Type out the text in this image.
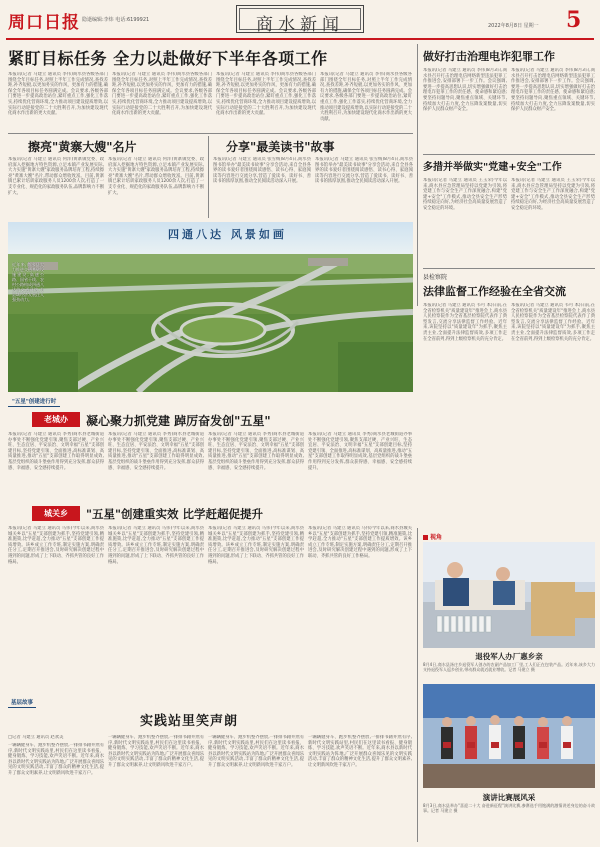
周口日报 隐逝编辑:李炜 电话:6199921	商水新闻	2022年8月8日 星期一 5
紧盯目标任务 全力以赴做好下半年各项工作
本报讯(记者 马建立 通讯员 李伟)商水县各级各部门围绕全年目标任务,对照上半年工作完成情况,查找差距,补齐短板,以更加务实的作风、更加有力的措施,确保全年各项目标任务圆满完成。会议要求,各级各部门要进一步提高政治站位,紧盯重点工作,强化工作落实,持续优化营商环境,全力推动项目建设提质增效,以实际行动迎接党的二十大胜利召开,为加快建设现代化商水作出新的更大贡献。
本报讯(记者 马建立 通讯员 李伟)商水县各级各部门围绕全年目标任务,对照上半年工作完成情况,查找差距,补齐短板,以更加务实的作风、更加有力的措施,确保全年各项目标任务圆满完成。会议要求,各级各部门要进一步提高政治站位,紧盯重点工作,强化工作落实,持续优化营商环境,全力推动项目建设提质增效,以实际行动迎接党的二十大胜利召开,为加快建设现代化商水作出新的更大贡献。
本报讯(记者 马建立 通讯员 李伟)商水县各级各部门围绕全年目标任务,对照上半年工作完成情况,查找差距,补齐短板,以更加务实的作风、更加有力的措施,确保全年各项目标任务圆满完成。会议要求,各级各部门要进一步提高政治站位,紧盯重点工作,强化工作落实,持续优化营商环境,全力推动项目建设提质增效,以实际行动迎接党的二十大胜利召开,为加快建设现代化商水作出新的更大贡献。
本报讯(记者 马建立 通讯员 李伟)商水县各级各部门围绕全年目标任务,对照上半年工作完成情况,查找差距,补齐短板,以更加务实的作风、更加有力的措施,确保全年各项目标任务圆满完成。会议要求,各级各部门要进一步提高政治站位,紧盯重点工作,强化工作落实,持续优化营商环境,全力推动项目建设提质增效,以实际行动迎接党的二十大胜利召开,为加快建设现代化商水作出新的更大贡献。
做好打击治理电诈犯罪工作
本报讯(记者 马建立 通讯员 李伟)8月3日,商水县召开打击治理电信网络新型违法犯罪工作推进会,安排部署下一步工作。会议强调,要进一步提高思想认识,切实增强做好打击治理电诈犯罪工作的责任感、使命感和紧迫感;要坚持问题导向,聚焦重点领域、关键环节,持续加大打击力度,全力压降发案数量,切实保护人民群众财产安全。
本报讯(记者 马建立 通讯员 李伟)8月3日,商水县召开打击治理电信网络新型违法犯罪工作推进会,安排部署下一步工作。会议强调,要进一步提高思想认识,切实增强做好打击治理电诈犯罪工作的责任感、使命感和紧迫感;要坚持问题导向,聚焦重点领域、关键环节,持续加大打击力度,全力压降发案数量,切实保护人民群众财产安全。
擦亮"黄寨大嫂"名片
本报讯(记者 马建立 通讯员 何洋)黄寨镇党委、政府深入挖掘地方特色资源,立足本镇产业发展实际,大力实施"黄寨大嫂"家政服务品牌培育工程,持续擦亮"黄寨大嫂"名片,带动群众增收致富。目前,黄寨镇已累计培训家政服务人员1200余人次,打造了一支专业化、规范化的家政服务队伍,品牌影响力不断扩大。
本报讯(记者 马建立 通讯员 何洋)黄寨镇党委、政府深入挖掘地方特色资源,立足本镇产业发展实际,大力实施"黄寨大嫂"家政服务品牌培育工程,持续擦亮"黄寨大嫂"名片,带动群众增收致富。目前,黄寨镇已累计培训家政服务人员1200余人次,打造了一支专业化、规范化的家政服务队伍,品牌影响力不断扩大。
分享"最美读书"故事
本报讯(记者 马建立 通讯员 张雪梅)8月4日,商水县图书馆举办"最美读书故事"分享会活动,来自全县各界的读书爱好者围绕阅读感悟、读书心得、家庭阅读等内容进行交流分享,营造了爱读书、读好书、善读书的浓厚氛围,推动全民阅读活动深入开展。
本报讯(记者 马建立 通讯员 张雪梅)8月4日,商水县图书馆举办"最美读书故事"分享会活动,来自全县各界的读书爱好者围绕阅读感悟、读书心得、家庭阅读等内容进行交流分享,营造了爱读书、读好书、善读书的浓厚氛围,推动全民阅读活动深入开展。
多措并举做实"党建+安全"工作
本报讯(记者 马建立 通讯员 王玉荣)今年以来,商水县应急管理局坚持以党建为引领,将党建工作与安全生产工作深度融合,构建"党建+安全"工作模式,推动全县安全生产形势持续稳定向好,为经济社会高质量发展营造了安全稳定的环境。
本报讯(记者 马建立 通讯员 王玉荣)今年以来,商水县应急管理局坚持以党建为引领,将党建工作与安全生产工作深度融合,构建"党建+安全"工作模式,推动全县安全生产形势持续稳定向好,为经济社会高质量发展营造了安全稳定的环境。
四通八达 风景如画
近年来,商水县大力推进交通基础设施建设,高速公路、国省干线、农村公路构成四通八达的交通网络,为县域经济发展注入强劲动力。
县检察院
法律监督工作经验在全省交流
本报讯(记者 马建立 通讯员 韦可 本)日前,在全省检察机关"质量建设年"推进会上,商水县人民检察院作为全省基层检察院代表作了典型发言,交流分享法律监督工作经验。近年来,该院坚持以"质量建设年"为抓手,聚焦主责主业,全面提升法律监督质效,多项工作走在全省前列,得到上级检察机关的充分肯定。
本报讯(记者 马建立 通讯员 韦可 本)日前,在全省检察机关"质量建设年"推进会上,商水县人民检察院作为全省基层检察院代表作了典型发言,交流分享法律监督工作经验。近年来,该院坚持以"质量建设年"为抓手,聚焦主责主业,全面提升法律监督质效,多项工作走在全省前列,得到上级检察机关的充分肯定。
"五星"创建进行时
老城办	凝心聚力抓党建 踔厉奋发创"五星"
本报讯(记者 马建立 通讯员 李秀)商水县老城街道办事处不断强化党建引领,聚焦支部过硬、产业兴旺、生态宜居、平安法治、文明幸福"五星"支部创建目标,坚持党建引领、全面推进,高标准谋划、高质量推进,推动"五星"支部创建工作取得明显成效,基层党组织的战斗堡垒作用得到充分发挥,群众获得感、幸福感、安全感持续提升。
本报讯(记者 马建立 通讯员 李秀)商水县老城街道办事处不断强化党建引领,聚焦支部过硬、产业兴旺、生态宜居、平安法治、文明幸福"五星"支部创建目标,坚持党建引领、全面推进,高标准谋划、高质量推进,推动"五星"支部创建工作取得明显成效,基层党组织的战斗堡垒作用得到充分发挥,群众获得感、幸福感、安全感持续提升。
本报讯(记者 马建立 通讯员 李秀)商水县老城街道办事处不断强化党建引领,聚焦支部过硬、产业兴旺、生态宜居、平安法治、文明幸福"五星"支部创建目标,坚持党建引领、全面推进,高标准谋划、高质量推进,推动"五星"支部创建工作取得明显成效,基层党组织的战斗堡垒作用得到充分发挥,群众获得感、幸福感、安全感持续提升。
本报讯(记者 马建立 通讯员 李秀)商水县老城街道办事处不断强化党建引领,聚焦支部过硬、产业兴旺、生态宜居、平安法治、文明幸福"五星"支部创建目标,坚持党建引领、全面推进,高标准谋划、高质量推进,推动"五星"支部创建工作取得明显成效,基层党组织的战斗堡垒作用得到充分发挥,群众获得感、幸福感、安全感持续提升。
城关乡	"五星"创建重实效 比学赶超促提升
本报讯(记者 马建立 通讯员 马伟)今年以来,商水县城关乡以"五星"支部创建为抓手,坚持党建引领,精准施策,比学赶超,全力推动"五星"支部创建工作提质增效。该乡成立工作专班,制定实施方案,明确责任分工,定期召开推进会,及时研究解决创建过程中遇到的问题,形成了上下联动、齐抓共管的良好工作格局。
本报讯(记者 马建立 通讯员 马伟)今年以来,商水县城关乡以"五星"支部创建为抓手,坚持党建引领,精准施策,比学赶超,全力推动"五星"支部创建工作提质增效。该乡成立工作专班,制定实施方案,明确责任分工,定期召开推进会,及时研究解决创建过程中遇到的问题,形成了上下联动、齐抓共管的良好工作格局。
本报讯(记者 马建立 通讯员 马伟)今年以来,商水县城关乡以"五星"支部创建为抓手,坚持党建引领,精准施策,比学赶超,全力推动"五星"支部创建工作提质增效。该乡成立工作专班,制定实施方案,明确责任分工,定期召开推进会,及时研究解决创建过程中遇到的问题,形成了上下联动、齐抓共管的良好工作格局。
本报讯(记者 马建立 通讯员 马伟)今年以来,商水县城关乡以"五星"支部创建为抓手,坚持党建引领,精准施策,比学赶超,全力推动"五星"支部创建工作提质增效。该乡成立工作专班,制定实施方案,明确责任分工,定期召开推进会,及时研究解决创建过程中遇到的问题,形成了上下联动、齐抓共管的良好工作格局。
基层故事
实践站里笑声朗
□记者 马建立 通讯员 赵欢美
一辆辆健身车、跑步机整齐摆放,一排排书籍井然有序,新时代文明实践站里,村民们在这里读书看报、健身锻炼、学习技能,欢声笑语不断。近年来,商水县以新时代文明实践站为阵地,广泛开展群众喜闻乐见的文明实践活动,丰富了群众的精神文化生活,提升了群众文明素养,让文明新风吹进千家万户。
一辆辆健身车、跑步机整齐摆放,一排排书籍井然有序,新时代文明实践站里,村民们在这里读书看报、健身锻炼、学习技能,欢声笑语不断。近年来,商水县以新时代文明实践站为阵地,广泛开展群众喜闻乐见的文明实践活动,丰富了群众的精神文化生活,提升了群众文明素养,让文明新风吹进千家万户。
一辆辆健身车、跑步机整齐摆放,一排排书籍井然有序,新时代文明实践站里,村民们在这里读书看报、健身锻炼、学习技能,欢声笑语不断。近年来,商水县以新时代文明实践站为阵地,广泛开展群众喜闻乐见的文明实践活动,丰富了群众的精神文化生活,提升了群众文明素养,让文明新风吹进千家万户。
一辆辆健身车、跑步机整齐摆放,一排排书籍井然有序,新时代文明实践站里,村民们在这里读书看报、健身锻炼、学习技能,欢声笑语不断。近年来,商水县以新时代文明实践站为阵地,广泛开展群众喜闻乐见的文明实践活动,丰富了群众的精神文化生活,提升了群众文明素养,让文明新风吹进千家万户。
视角
退役军人办厂惠乡亲
8月4日,商水县汤庄乡退役军人创办的农副产品加工厂里,工人们正在包装产品。近年来,该乡大力支持退役军人返乡创业,带动群众就近就业增收。记者 马建立 摄
演讲比赛展风采
8月3日,商水县举办"喜迎二十大 奋进新征程"演讲比赛,参赛选手用饱满的激情讲述身边的奋斗故事。记者 马建立 摄
